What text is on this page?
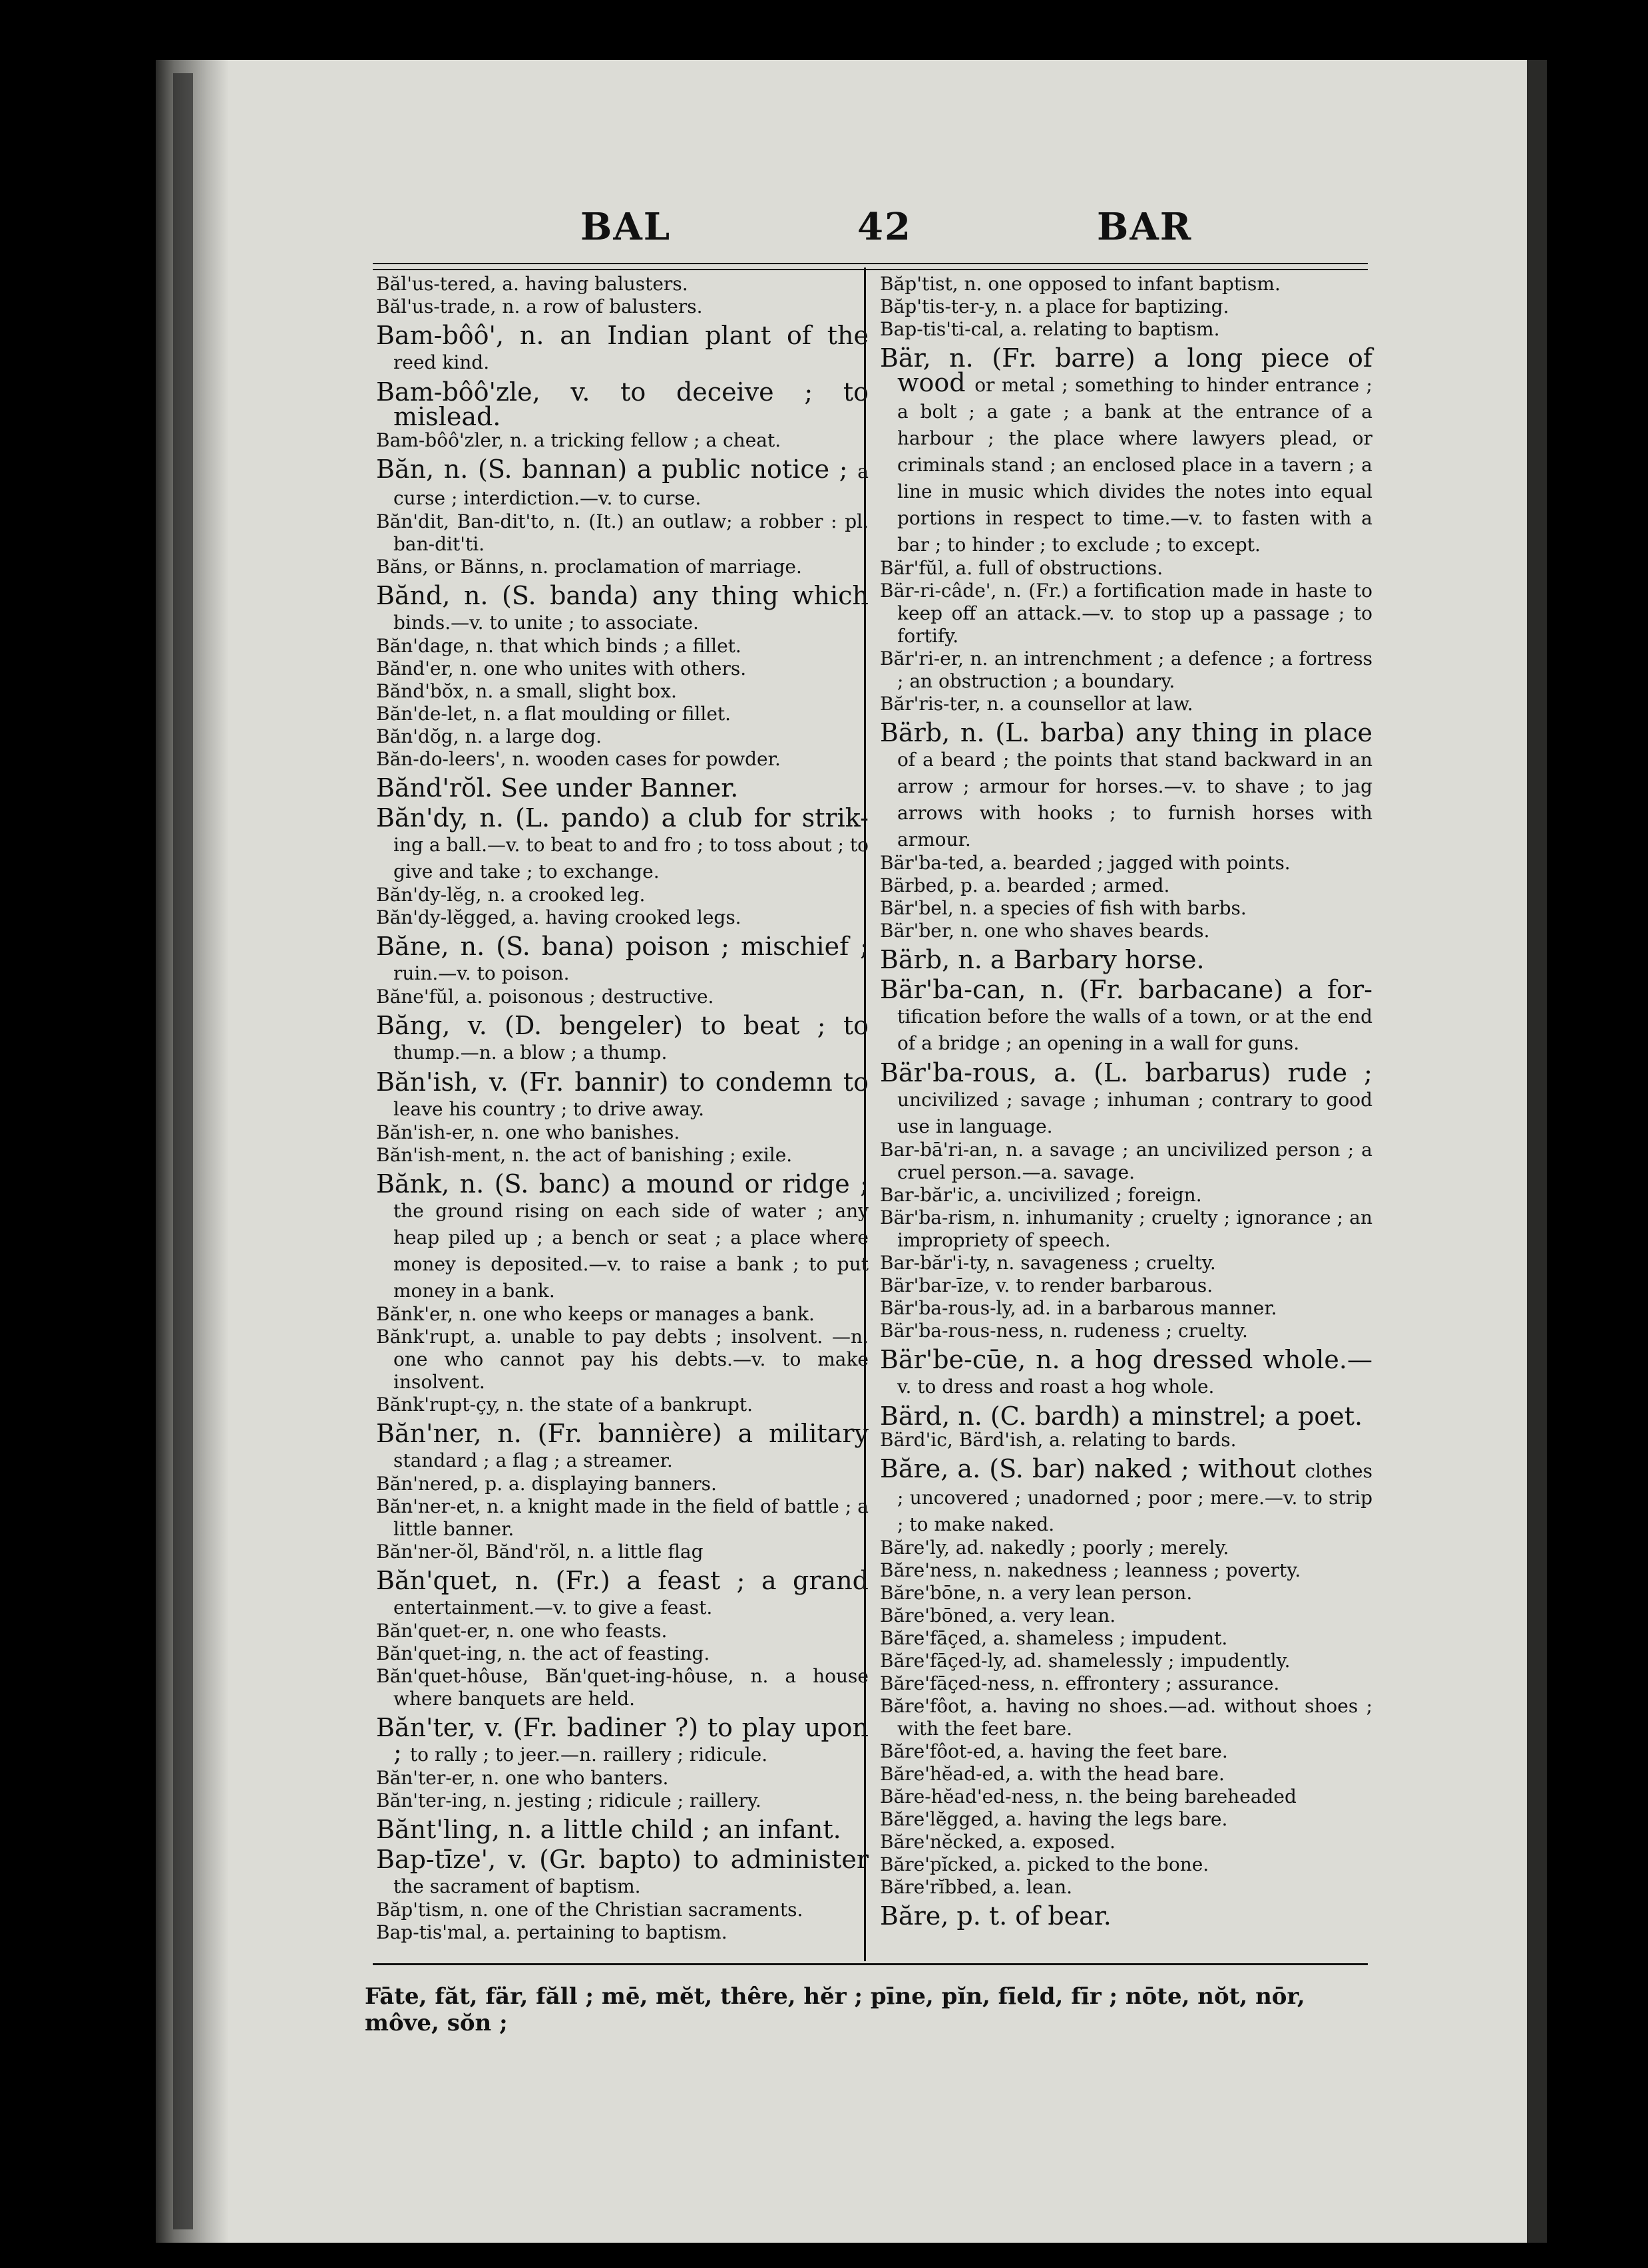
BAL	42	BAR

Băl'us-tered, a. having balusters.

Băl'us-trade, n. a row of balusters.

Bam-bôô', n. an Indian plant of the reed kind.

Bam-bôô'zle, v. to deceive ; to mislead.

Bam-bôô'zler, n. a tricking fellow ; a cheat.

Băn, n. (S. bannan) a public notice ; a curse ; interdiction.—v. to curse.

Băn'dit, Ban-dit'to, n. (It.) an outlaw; a robber : pl. ban-dit'ti.

Băns, or Bănns, n. proclamation of marriage.

Bănd, n. (S. banda) any thing which binds.—v. to unite ; to associate.

Băn'dage, n. that which binds ; a fillet.

Bănd'er, n. one who unites with others.

Bănd'bŏx, n. a small, slight box.

Băn'de-let, n. a flat moulding or fillet.

Băn'dŏg, n. a large dog.

Băn-do-leers', n. wooden cases for powder.

Bănd'rŏl. See under Banner.

Băn'dy, n. (L. pando) a club for strik- ing a ball.—v. to beat to and fro ; to toss about ; to give and take ; to exchange.

Băn'dy-lĕg, n. a crooked leg.

Băn'dy-lĕgged, a. having crooked legs.

Băne, n. (S. bana) poison ; mischief ; ruin.—v. to poison.

Băne'fŭl, a. poisonous ; destructive.

Băng, v. (D. bengeler) to beat ; to thump.—n. a blow ; a thump.

Băn'ish, v. (Fr. bannir) to condemn to leave his country ; to drive away.

Băn'ish-er, n. one who banishes.

Băn'ish-ment, n. the act of banishing ; exile.

Bănk, n. (S. banc) a mound or ridge ; the ground rising on each side of water ; any heap piled up ; a bench or seat ; a place where money is deposited.—v. to raise a bank ; to put money in a bank.

Bănk'er, n. one who keeps or manages a bank.

Bănk'rupt, a. unable to pay debts ; insolvent. —n. one who cannot pay his debts.—v. to make insolvent.

Bănk'rupt-çy, n. the state of a bankrupt.

Băn'ner, n. (Fr. bannière) a military standard ; a flag ; a streamer.

Băn'nered, p. a. displaying banners.

Băn'ner-et, n. a knight made in the field of battle ; a little banner.

Băn'ner-ŏl, Bănd'rŏl, n. a little flag

Băn'quet, n. (Fr.) a feast ; a grand entertainment.—v. to give a feast.

Băn'quet-er, n. one who feasts.

Băn'quet-ing, n. the act of feasting.

Băn'quet-hôuse, Băn'quet-ing-hôuse, n. a house where banquets are held.

Băn'ter, v. (Fr. badiner ?) to play upon ; to rally ; to jeer.—n. raillery ; ridicule.

Băn'ter-er, n. one who banters.

Băn'ter-ing, n. jesting ; ridicule ; raillery.

Bănt'ling, n. a little child ; an infant.

Bap-tīze', v. (Gr. bapto) to administer the sacrament of baptism.

Băp'tism, n. one of the Christian sacraments.

Bap-tis'mal, a. pertaining to baptism.

Băp'tist, n. one opposed to infant baptism.

Băp'tis-ter-y, n. a place for baptizing.

Bap-tis'ti-cal, a. relating to baptism.

Bär, n. (Fr. barre) a long piece of wood or metal ; something to hinder entrance ; a bolt ; a gate ; a bank at the entrance of a harbour ; the place where lawyers plead, or criminals stand ; an enclosed place in a tavern ; a line in music which divides the notes into equal portions in respect to time.—v. to fasten with a bar ; to hinder ; to exclude ; to except.

Bär'fŭl, a. full of obstructions.

Bär-ri-câde', n. (Fr.) a fortification made in haste to keep off an attack.—v. to stop up a passage ; to fortify.

Băr'ri-er, n. an intrenchment ; a defence ; a fortress ; an obstruction ; a boundary.

Băr'ris-ter, n. a counsellor at law.

Bärb, n. (L. barba) any thing in place of a beard ; the points that stand backward in an arrow ; armour for horses.—v. to shave ; to jag arrows with hooks ; to furnish horses with armour.

Bär'ba-ted, a. bearded ; jagged with points.

Bärbed, p. a. bearded ; armed.

Bär'bel, n. a species of fish with barbs.

Bär'ber, n. one who shaves beards.

Bärb, n. a Barbary horse.

Bär'ba-can, n. (Fr. barbacane) a for- tification before the walls of a town, or at the end of a bridge ; an opening in a wall for guns.

Bär'ba-rous, a. (L. barbarus) rude ; uncivilized ; savage ; inhuman ; contrary to good use in language.

Bar-bā'ri-an, n. a savage ; an uncivilized person ; a cruel person.—a. savage.

Bar-băr'ic, a. uncivilized ; foreign.

Bär'ba-rism, n. inhumanity ; cruelty ; ignorance ; an impropriety of speech.

Bar-băr'i-ty, n. savageness ; cruelty.

Bär'bar-īze, v. to render barbarous.

Bär'ba-rous-ly, ad. in a barbarous manner.

Bär'ba-rous-ness, n. rudeness ; cruelty.

Bär'be-cūe, n. a hog dressed whole.— v. to dress and roast a hog whole.

Bärd, n. (C. bardh) a minstrel; a poet.

Bärd'ic, Bärd'ish, a. relating to bards.

Băre, a. (S. bar) naked ; without clothes ; uncovered ; unadorned ; poor ; mere.—v. to strip ; to make naked.

Băre'ly, ad. nakedly ; poorly ; merely.

Băre'ness, n. nakedness ; leanness ; poverty.

Băre'bōne, n. a very lean person.

Băre'bōned, a. very lean.

Băre'fāçed, a. shameless ; impudent.

Băre'fāçed-ly, ad. shamelessly ; impudently.

Băre'fāçed-ness, n. effrontery ; assurance.

Băre'fôot, a. having no shoes.—ad. without shoes ; with the feet bare.

Băre'fôot-ed, a. having the feet bare.

Băre'hĕad-ed, a. with the head bare.

Băre-hĕad'ed-ness, n. the being bareheaded

Băre'lĕgged, a. having the legs bare.

Băre'nĕcked, a. exposed.

Băre'pĭcked, a. picked to the bone.

Băre'rĭbbed, a. lean.

Băre, p. t. of bear.

Fāte, făt, fär, făll ; mē, mĕt, thêre, hĕr ; pīne, pĭn, fīeld, fīr ; nōte, nŏt, nōr, môve, sŏn ;
